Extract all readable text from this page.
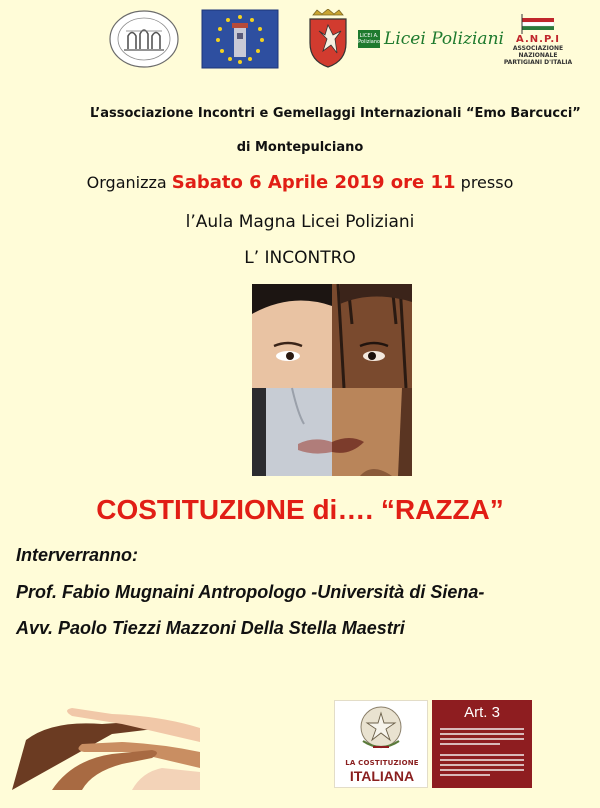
LICEI A. Poliziano Licei Poliziani A.N.P.I
ASSOCIAZIONE NAZIONALE PARTIGIANI D'ITALIA
L’associazione Incontri e Gemellaggi Internazionali “Emo Barcucci”
di Montepulciano
Organizza Sabato 6 Aprile 2019 ore 11 presso
l’Aula Magna Licei Poliziani
L’ INCONTRO
COSTITUZIONE di…. “RAZZA”
Interverranno:
Prof. Fabio Mugnaini Antropologo -Università di Siena-
Avv. Paolo Tiezzi Mazzoni Della Stella Maestri
LA COSTITUZIONE
ITALIANA
Art. 3
